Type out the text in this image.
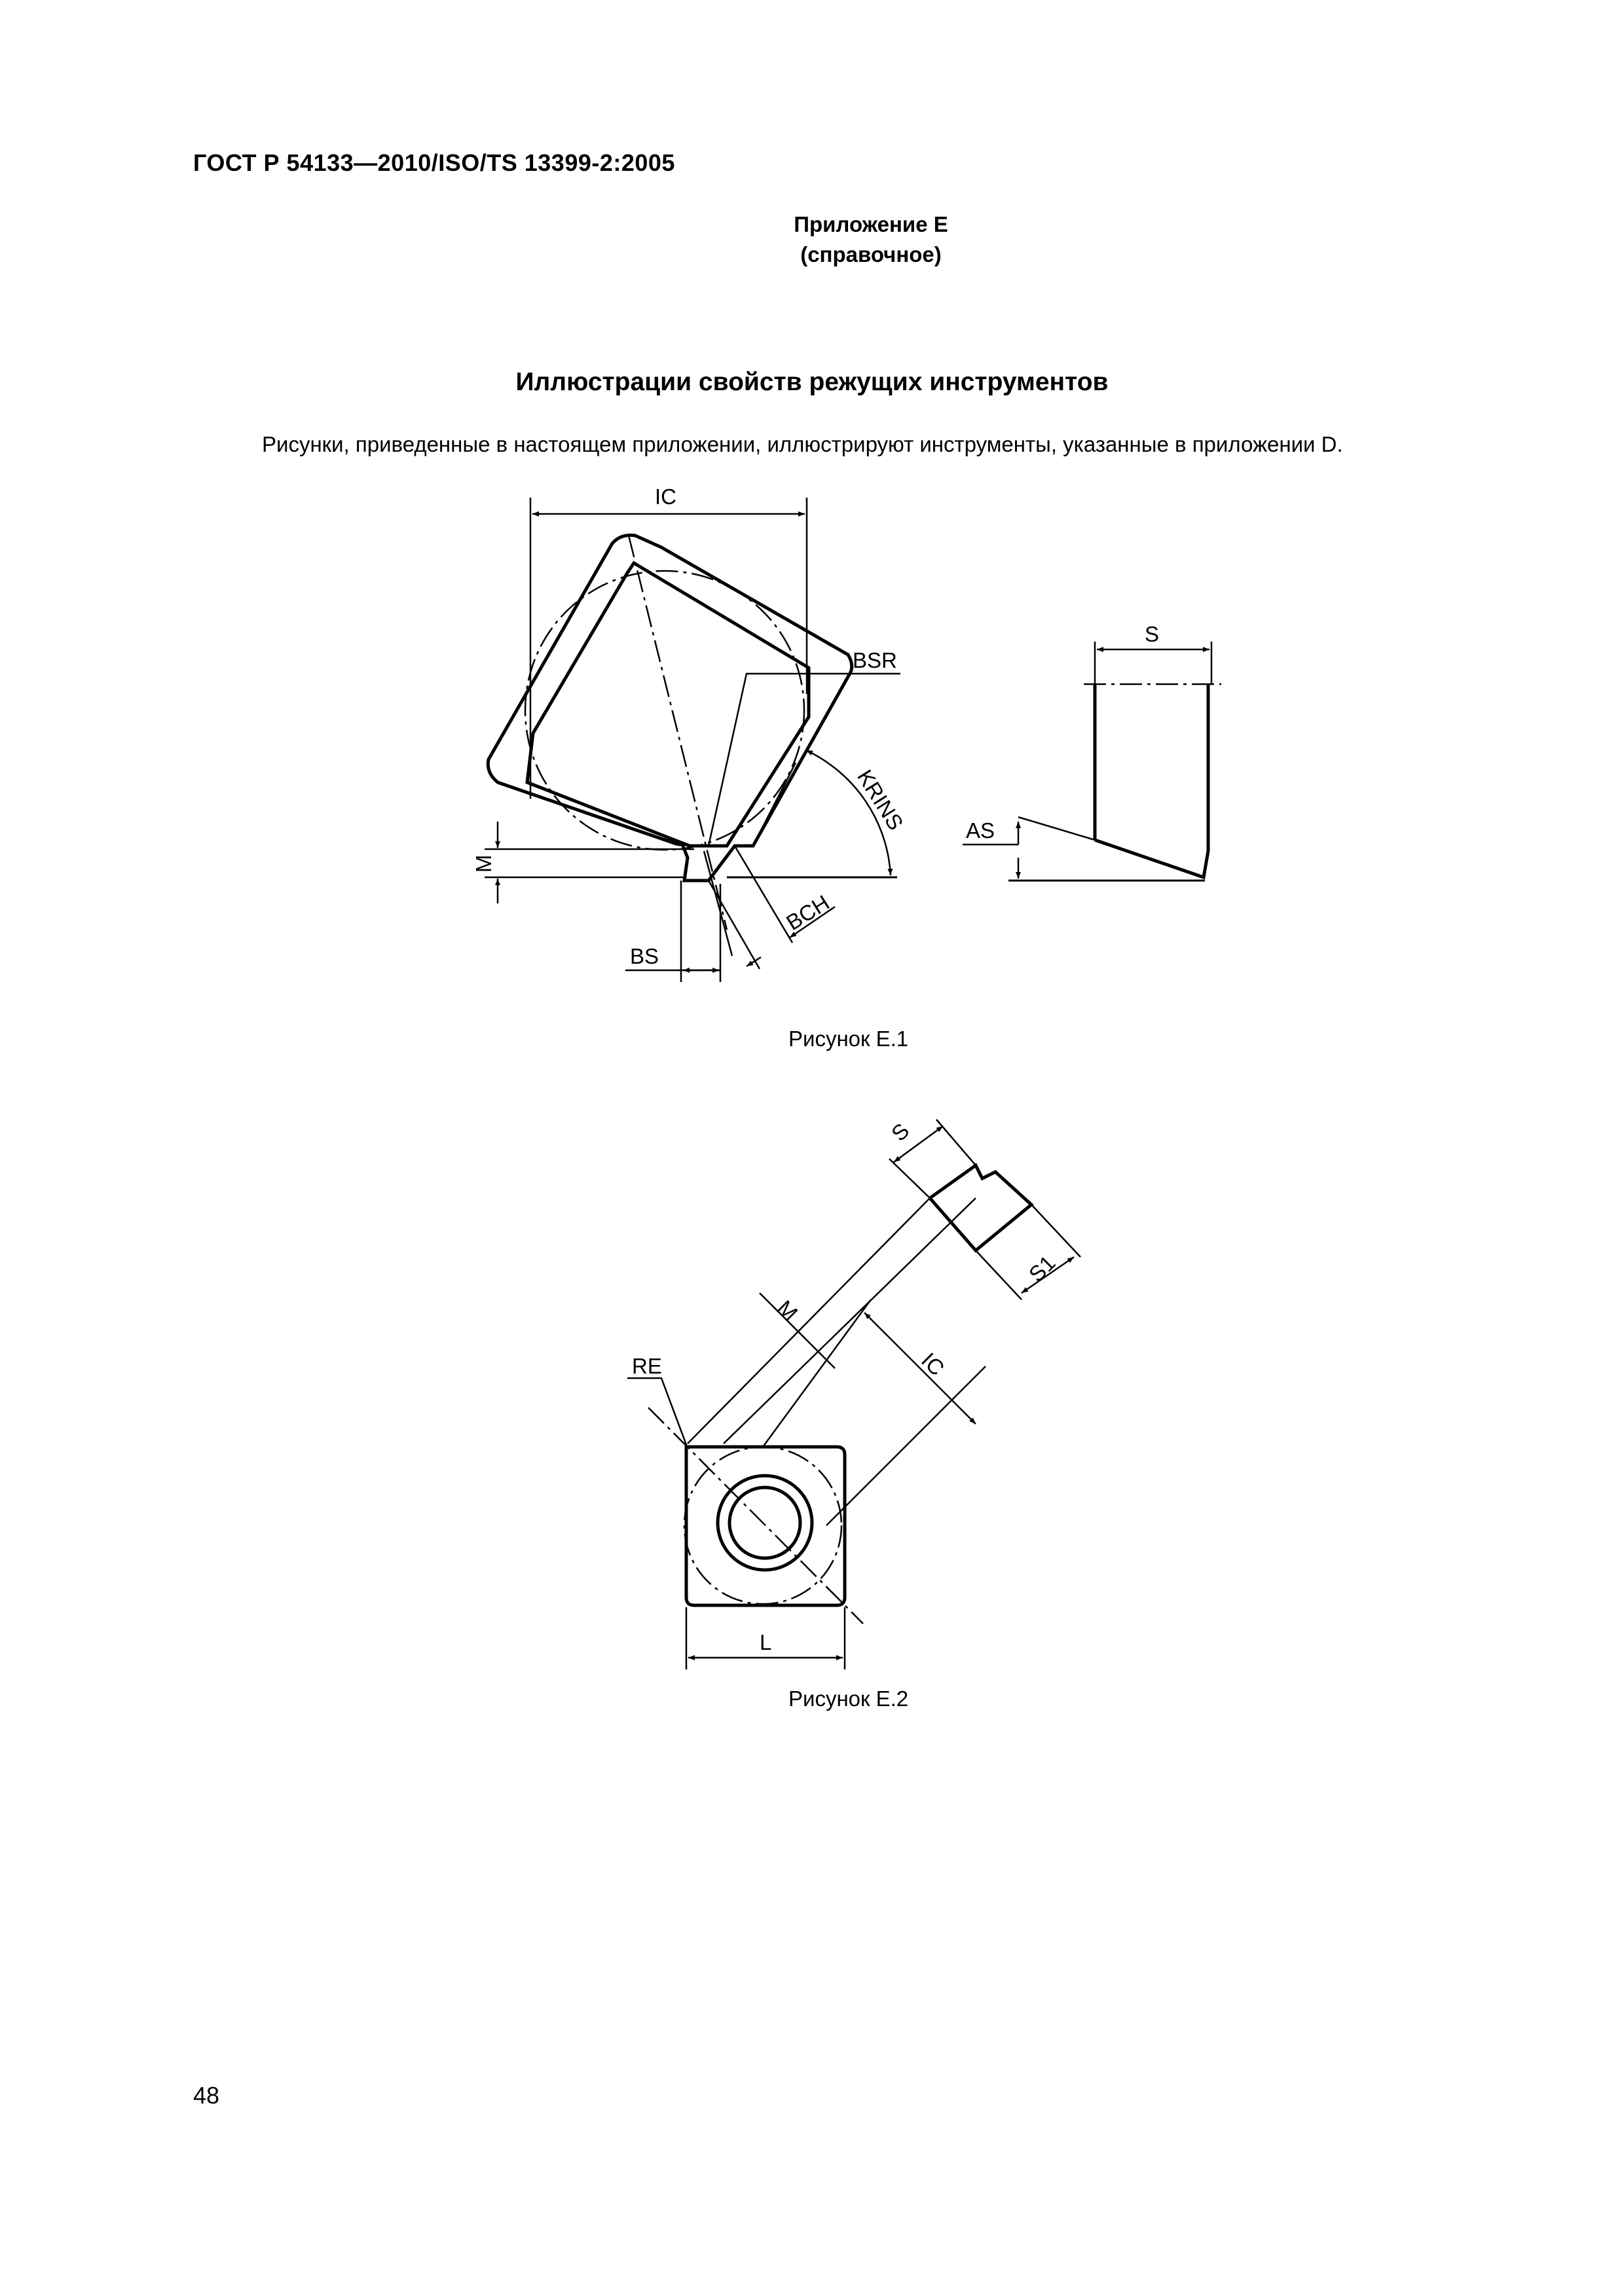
ГОСТ Р 54133—2010/ISO/TS 13399-2:2005
Приложение Е
(справочное)
Иллюстрации свойств режущих инструментов
Рисунки, приведенные в настоящем приложении, иллюстрируют инструменты, указанные в приложении D.
IC
BSR
KRINS
M
BS
BCH
S
AS
S
S1
M
IC
RE
L
Рисунок Е.1
Рисунок Е.2
48
